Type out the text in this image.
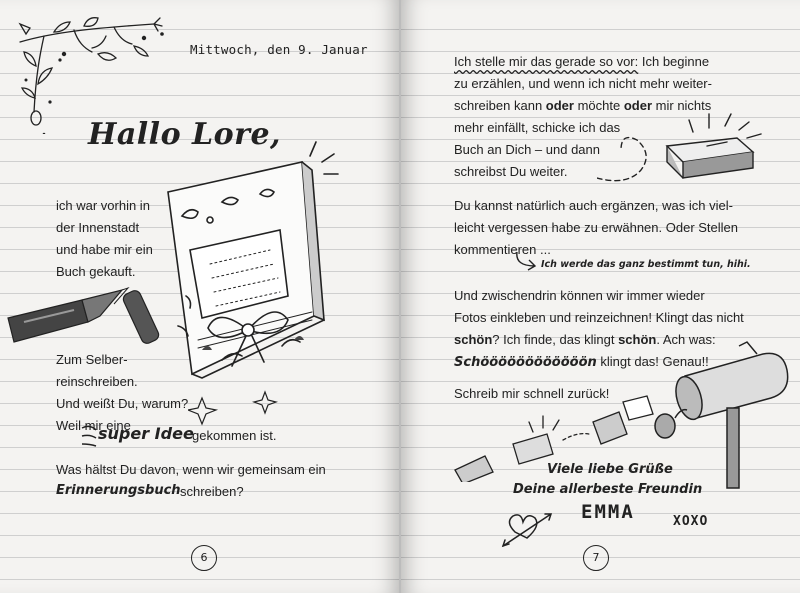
Mittwoch, den 9. Januar
Hallo Lore,
ich war vorhin in
der Innenstadt
und habe mir ein
Buch gekauft.
Zum Selber-
reinschreiben.
Und weißt Du, warum?
Weil mir eine
super Idee
gekommen ist.
Was hältst Du davon, wenn wir gemeinsam ein
Erinnerungsbuch schreiben?
6
Ich stelle mir das gerade so vor: Ich beginne
zu erzählen, und wenn ich nicht mehr weiter-
schreiben kann oder möchte oder mir nichts
mehr einfällt, schicke ich das
Buch an Dich – und dann
schreibst Du weiter.
Du kannst natürlich auch ergänzen, was ich viel-
leicht vergessen habe zu erwähnen. Oder Stellen
kommentieren ...
Ich werde das ganz bestimmt tun, hihi.
Und zwischendrin können wir immer wieder
Fotos einkleben und reinzeichnen! Klingt das nicht
schön? Ich finde, das klingt schön. Ach was:
Schöööööööööööön klingt das! Genau!!
Schreib mir schnell zurück!
Viele liebe Grüße
Deine allerbeste Freundin
EMMA	XOXO
7
